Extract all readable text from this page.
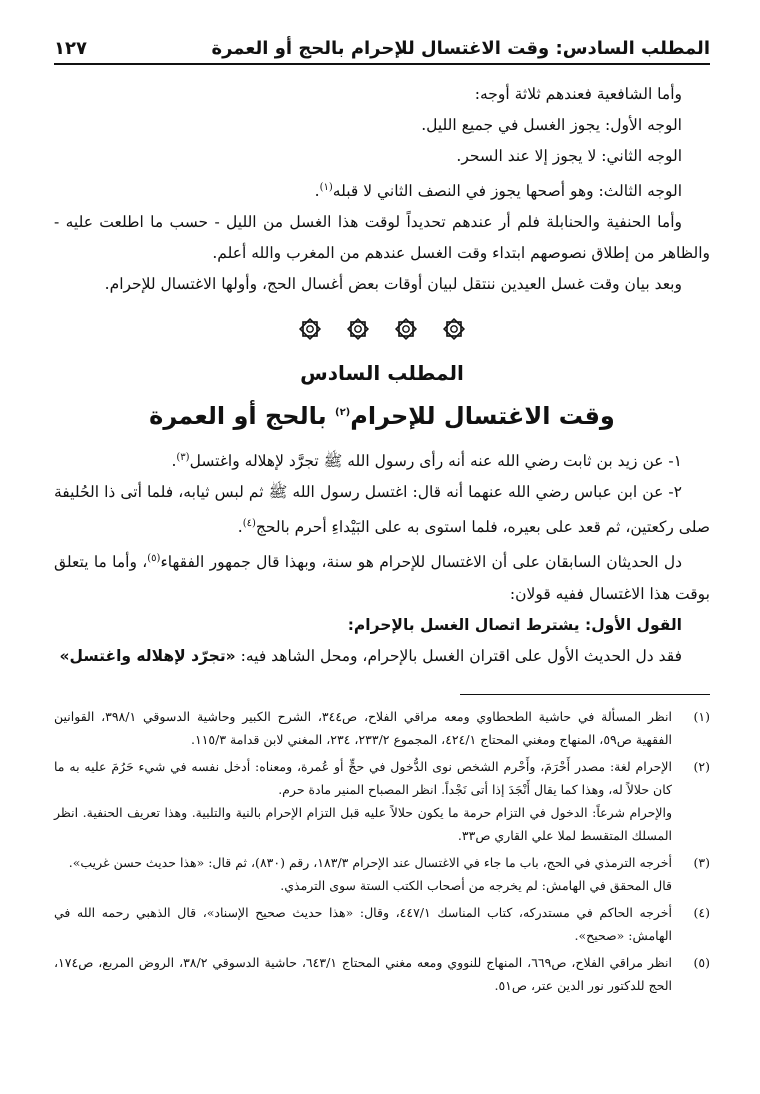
المطلب السادس: وقت الاغتسال للإحرام بالحج أو العمرة
١٢٧

وأما الشافعية فعندهم ثلاثة أوجه:

الوجه الأول: يجوز الغسل في جميع الليل.

الوجه الثاني: لا يجوز إلا عند السحر.

الوجه الثالث: وهو أصحها يجوز في النصف الثاني لا قبله$^{(١)}$.

وأما الحنفية والحنابلة فلم أر عندهم تحديداً لوقت هذا الغسل من الليل - حسب ما اطلعت عليه - والظاهر من إطلاق نصوصهم ابتداء وقت الغسل عندهم من المغرب والله أعلم.

وبعد بيان وقت غسل العيدين ننتقل لبيان أوقات بعض أغسال الحج، وأولها الاغتسال للإحرام.

المطلب السادس
وقت الاغتسال للإحرام$^{(٢)}$ بالحج أو العمرة

١- عن زيد بن ثابت رضي الله عنه أنه رأى رسول الله ﷺ تجرَّد لإهلاله واغتسل$^{(٣)}$.

٢- عن ابن عباس رضي الله عنهما أنه قال: اغتسل رسول الله ﷺ ثم لبس ثيابه، فلما أتى ذا الحُليفة صلى ركعتين، ثم قعد على بعيره، فلما استوى به على البَيْداءِ أحرم بالحج$^{(٤)}$.

دل الحديثان السابقان على أن الاغتسال للإحرام هو سنة، وبهذا قال جمهور الفقهاء$^{(٥)}$، وأما ما يتعلق بوقت هذا الاغتسال ففيه قولان:

القول الأول: يشترط اتصال الغسل بالإحرام:

فقد دل الحديث الأول على اقتران الغسل بالإحرام، ومحل الشاهد فيه: «تجرّد لإهلاله واغتسل»

(١)

انظر المسألة في حاشية الطحطاوي ومعه مراقي الفلاح، ص٣٤٤، الشرح الكبير وحاشية الدسوقي ٣٩٨/١، القوانين الفقهية ص٥٩، المنهاج ومغني المحتاج ٤٢٤/١، المجموع ٢٣٣/٢، ٢٣٤، المغني لابن قدامة ١١٥/٣.

(٢)

الإحرام لغة: مصدر أَحْرَمَ، وأَحْرم الشخص نوى الدُّخول في حجٍّ أو عُمرة، ومعناه: أدخل نفسه في شيء حَرُمَ عليه به ما كان حلالاً له، وهذا كما يقال أَنْجَدَ إذا أتى نَجْداً. انظر المصباح المنير مادة حرم.

والإحرام شرعاً: الدخول في التزام حرمة ما يكون حلالاً عليه قبل التزام الإحرام بالنية والتلبية. وهذا تعريف الحنفية. انظر المسلك المتقسط لملا علي القاري ص٣٣.

(٣)

أخرجه الترمذي في الحج، باب ما جاء في الاغتسال عند الإحرام ١٨٣/٣، رقم (٨٣٠)، ثم قال: «هذا حديث حسن غريب».

قال المحقق في الهامش: لم يخرجه من أصحاب الكتب الستة سوى الترمذي.

(٤)

أخرجه الحاكم في مستدركه، كتاب المناسك ٤٤٧/١، وقال: «هذا حديث صحيح الإسناد»، قال الذهبي رحمه الله في الهامش: «صحيح».

(٥)

انظر مراقي الفلاح، ص٦٦٩، المنهاج للنووي ومعه مغني المحتاج ٦٤٣/١، حاشية الدسوقي ٣٨/٢، الروض المربع، ص١٧٤، الحج للدكتور نور الدين عتر، ص٥١.
